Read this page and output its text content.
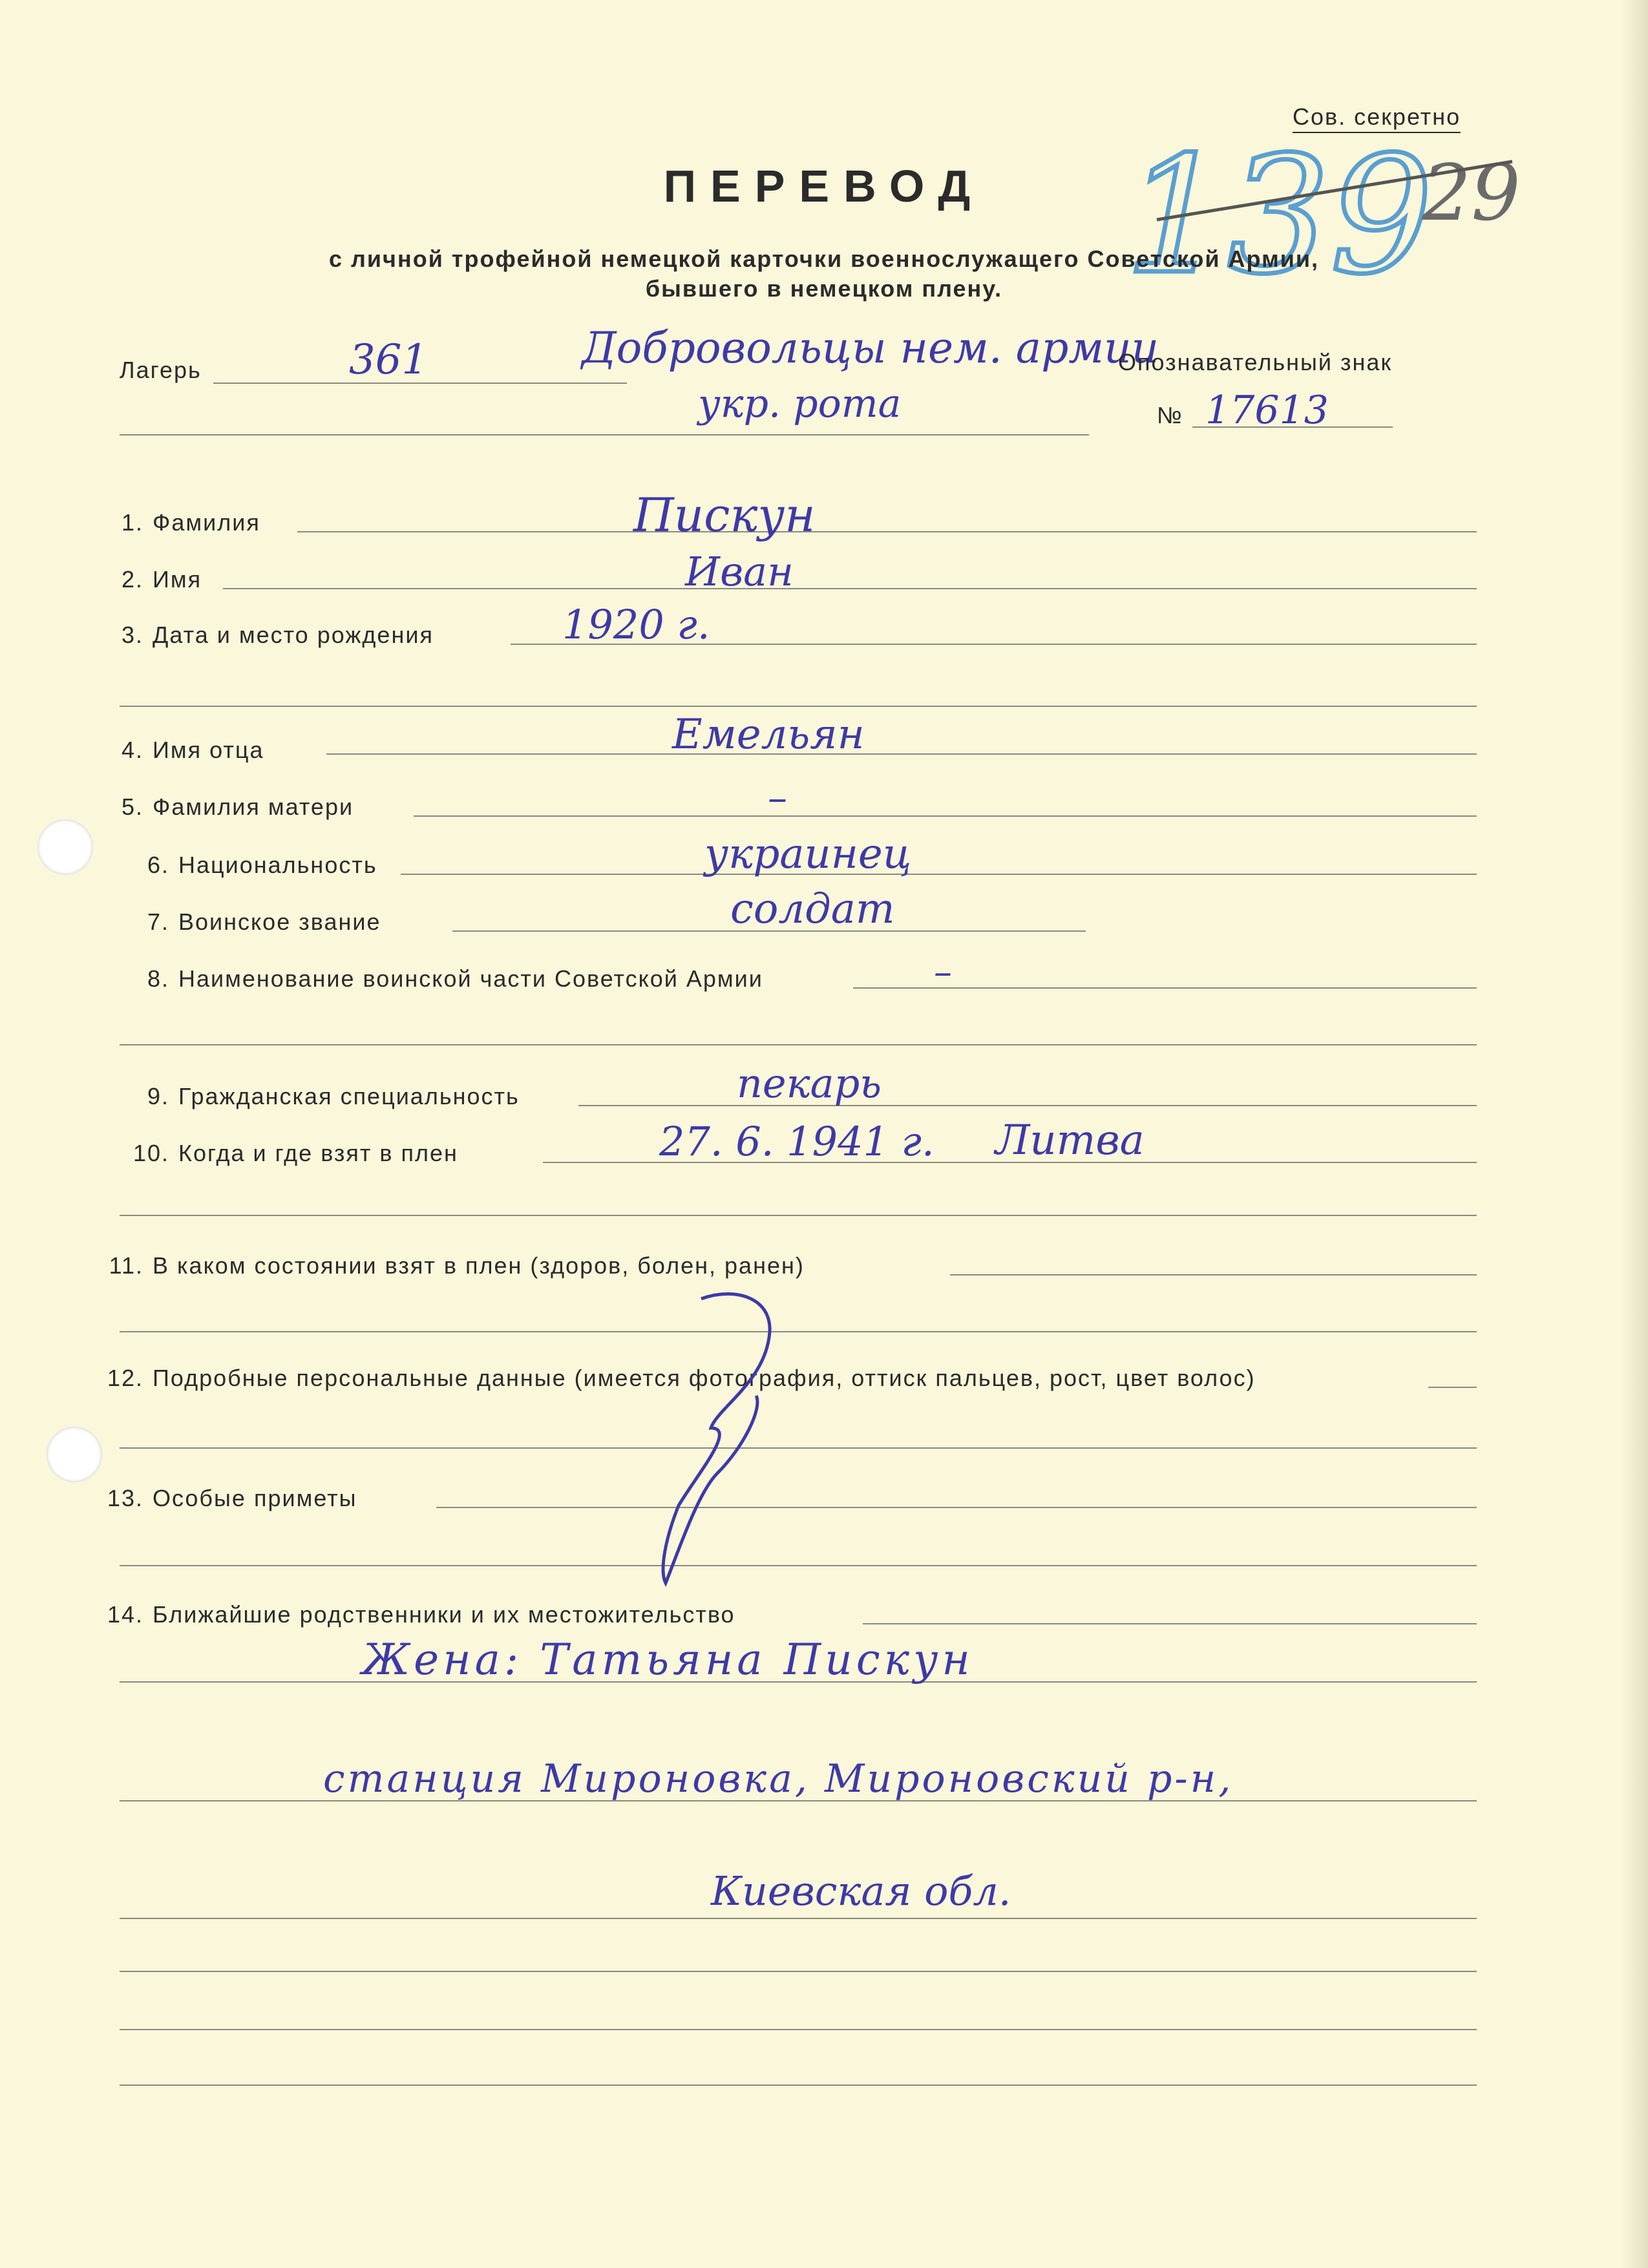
Сов. секретно
139
29
ПЕРЕВОД
с личной трофейной немецкой карточки военнослужащего Советской Армии,
бывшего в немецком плену.
Лагерь	361	Добровольцы нем. армии
укр. рота
Опознавательный знак
№ 17613
1. Фамилия	Пискун
2. Имя	Иван
3. Дата и место рождения	1920 г.
4. Имя отца	Емельян
5. Фамилия матери	–
6. Национальность	украинец
7. Воинское звание	солдат
8. Наименование воинской части Советской Армии	–
9. Гражданская специальность	пекарь
10. Когда и где взят в плен	27. 6. 1941 г. Литва
11. В каком состоянии взят в плен (здоров, болен, ранен)
12. Подробные персональные данные (имеется фотография, оттиск пальцев, рост, цвет волос)
13. Особые приметы
14. Ближайшие родственники и их местожительство
Жена: Татьяна Пискун
станция Мироновка, Мироновский р-н,
Киевская обл.
